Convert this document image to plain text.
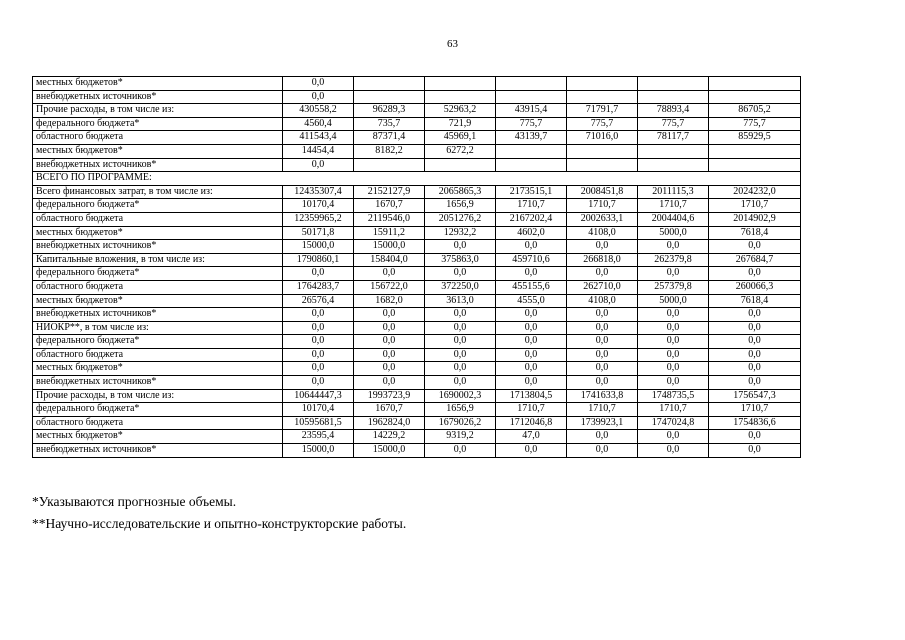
63
местных бюджетов*	0,0						
внебюджетных источников*	0,0						
Прочие расходы, в том числе из:	430558,2	96289,3	52963,2	43915,4	71791,7	78893,4	86705,2
федерального бюджета*	4560,4	735,7	721,9	775,7	775,7	775,7	775,7
областного бюджета	411543,4	87371,4	45969,1	43139,7	71016,0	78117,7	85929,5
местных бюджетов*	14454,4	8182,2	6272,2				
внебюджетных источников*	0,0						
ВСЕГО ПО ПРОГРАММЕ:							
Всего финансовых затрат, в том числе из:	12435307,4	2152127,9	2065865,3	2173515,1	2008451,8	2011115,3	2024232,0
федерального бюджета*	10170,4	1670,7	1656,9	1710,7	1710,7	1710,7	1710,7
областного бюджета	12359965,2	2119546,0	2051276,2	2167202,4	2002633,1	2004404,6	2014902,9
местных бюджетов*	50171,8	15911,2	12932,2	4602,0	4108,0	5000,0	7618,4
внебюджетных источников*	15000,0	15000,0	0,0	0,0	0,0	0,0	0,0
Капитальные вложения, в том числе из:	1790860,1	158404,0	375863,0	459710,6	266818,0	262379,8	267684,7
федерального бюджета*	0,0	0,0	0,0	0,0	0,0	0,0	0,0
областного бюджета	1764283,7	156722,0	372250,0	455155,6	262710,0	257379,8	260066,3
местных бюджетов*	26576,4	1682,0	3613,0	4555,0	4108,0	5000,0	7618,4
внебюджетных источников*	0,0	0,0	0,0	0,0	0,0	0,0	0,0
НИОКР**, в том числе из:	0,0	0,0	0,0	0,0	0,0	0,0	0,0
федерального бюджета*	0,0	0,0	0,0	0,0	0,0	0,0	0,0
областного бюджета	0,0	0,0	0,0	0,0	0,0	0,0	0,0
местных бюджетов*	0,0	0,0	0,0	0,0	0,0	0,0	0,0
внебюджетных источников*	0,0	0,0	0,0	0,0	0,0	0,0	0,0
Прочие расходы, в том числе из:	10644447,3	1993723,9	1690002,3	1713804,5	1741633,8	1748735,5	1756547,3
федерального бюджета*	10170,4	1670,7	1656,9	1710,7	1710,7	1710,7	1710,7
областного бюджета	10595681,5	1962824,0	1679026,2	1712046,8	1739923,1	1747024,8	1754836,6
местных бюджетов*	23595,4	14229,2	9319,2	47,0	0,0	0,0	0,0
внебюджетных источников*	15000,0	15000,0	0,0	0,0	0,0	0,0	0,0
*Указываются прогнозные объемы.
**Научно-исследовательские и опытно-конструкторские работы.
